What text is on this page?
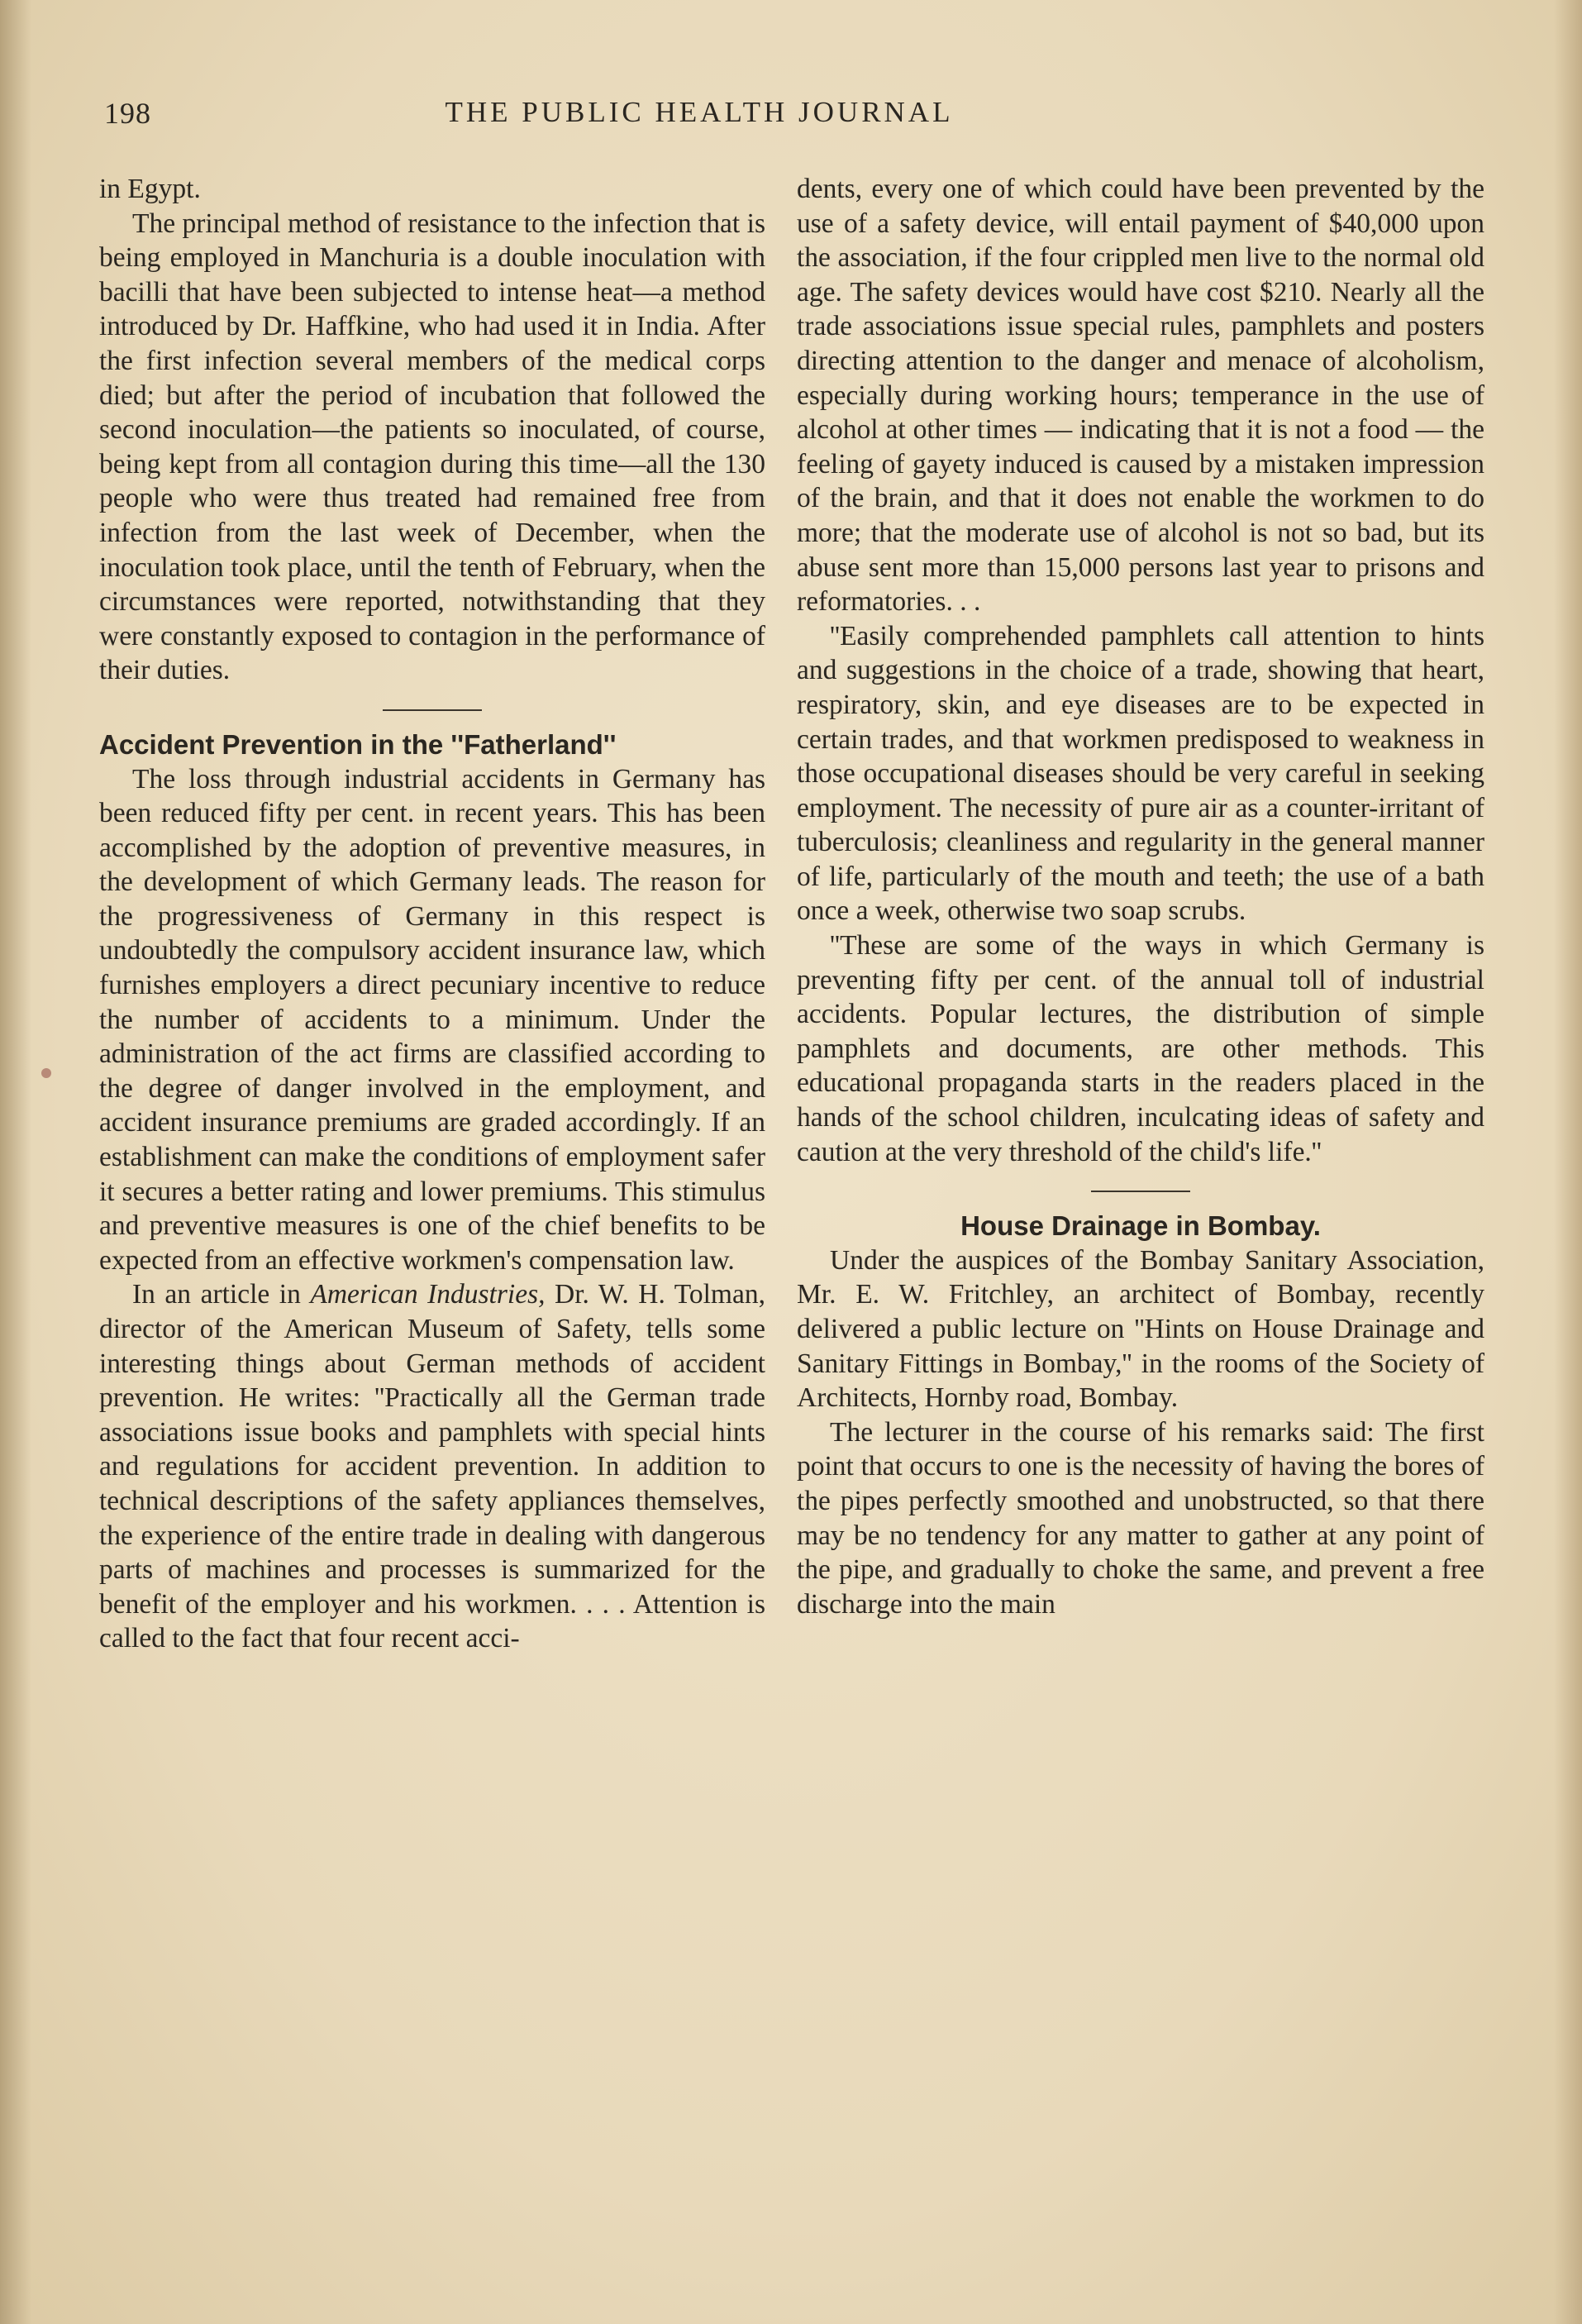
198	THE PUBLIC HEALTH JOURNAL

in Egypt.

The principal method of resistance to the infection that is being employed in Manchuria is a double inoculation with bacilli that have been subjected to intense heat—a method introduced by Dr. Haffkine, who had used it in India. After the first infection several members of the medical corps died; but after the period of incubation that followed the second inoculation—the patients so inoculated, of course, being kept from all contagion during this time—all the 130 people who were thus treated had remained free from infection from the last week of December, when the inoculation took place, until the tenth of February, when the circumstances were reported, notwithstanding that they were constantly exposed to contagion in the performance of their duties.

Accident Prevention in the ''Fatherland''

The loss through industrial accidents in Germany has been reduced fifty per cent. in recent years. This has been accomplished by the adoption of preventive measures, in the development of which Germany leads. The reason for the progressiveness of Germany in this respect is undoubtedly the compulsory accident insurance law, which furnishes employers a direct pecuniary incentive to reduce the number of accidents to a minimum. Under the administration of the act firms are classified according to the degree of danger involved in the employment, and accident insurance premiums are graded accordingly. If an establishment can make the conditions of employment safer it secures a better rating and lower premiums. This stimulus and preventive measures is one of the chief benefits to be expected from an effective workmen's compensation law.

In an article in American Industries, Dr. W. H. Tolman, director of the American Museum of Safety, tells some interesting things about German methods of accident prevention. He writes: ''Practically all the German trade associations issue books and pamphlets with special hints and regulations for accident prevention. In addition to technical descriptions of the safety appliances themselves, the experience of the entire trade in dealing with dangerous parts of machines and processes is summarized for the benefit of the employer and his workmen. . . . Attention is called to the fact that four recent acci-

dents, every one of which could have been prevented by the use of a safety device, will entail payment of $40,000 upon the association, if the four crippled men live to the normal old age. The safety devices would have cost $210. Nearly all the trade associations issue special rules, pamphlets and posters directing attention to the danger and menace of alcoholism, especially during working hours; temperance in the use of alcohol at other times — indicating that it is not a food — the feeling of gayety induced is caused by a mistaken impression of the brain, and that it does not enable the workmen to do more; that the moderate use of alcohol is not so bad, but its abuse sent more than 15,000 persons last year to prisons and reformatories. . .

''Easily comprehended pamphlets call attention to hints and suggestions in the choice of a trade, showing that heart, respiratory, skin, and eye diseases are to be expected in certain trades, and that workmen predisposed to weakness in those occupational diseases should be very careful in seeking employment. The necessity of pure air as a counter-irritant of tuberculosis; cleanliness and regularity in the general manner of life, particularly of the mouth and teeth; the use of a bath once a week, otherwise two soap scrubs.

''These are some of the ways in which Germany is preventing fifty per cent. of the annual toll of industrial accidents. Popular lectures, the distribution of simple pamphlets and documents, are other methods. This educational propaganda starts in the readers placed in the hands of the school children, inculcating ideas of safety and caution at the very threshold of the child's life.''

House Drainage in Bombay.

Under the auspices of the Bombay Sanitary Association, Mr. E. W. Fritchley, an architect of Bombay, recently delivered a public lecture on ''Hints on House Drainage and Sanitary Fittings in Bombay,'' in the rooms of the Society of Architects, Hornby road, Bombay.

The lecturer in the course of his remarks said: The first point that occurs to one is the necessity of having the bores of the pipes perfectly smoothed and unobstructed, so that there may be no tendency for any matter to gather at any point of the pipe, and gradually to choke the same, and prevent a free discharge into the main
